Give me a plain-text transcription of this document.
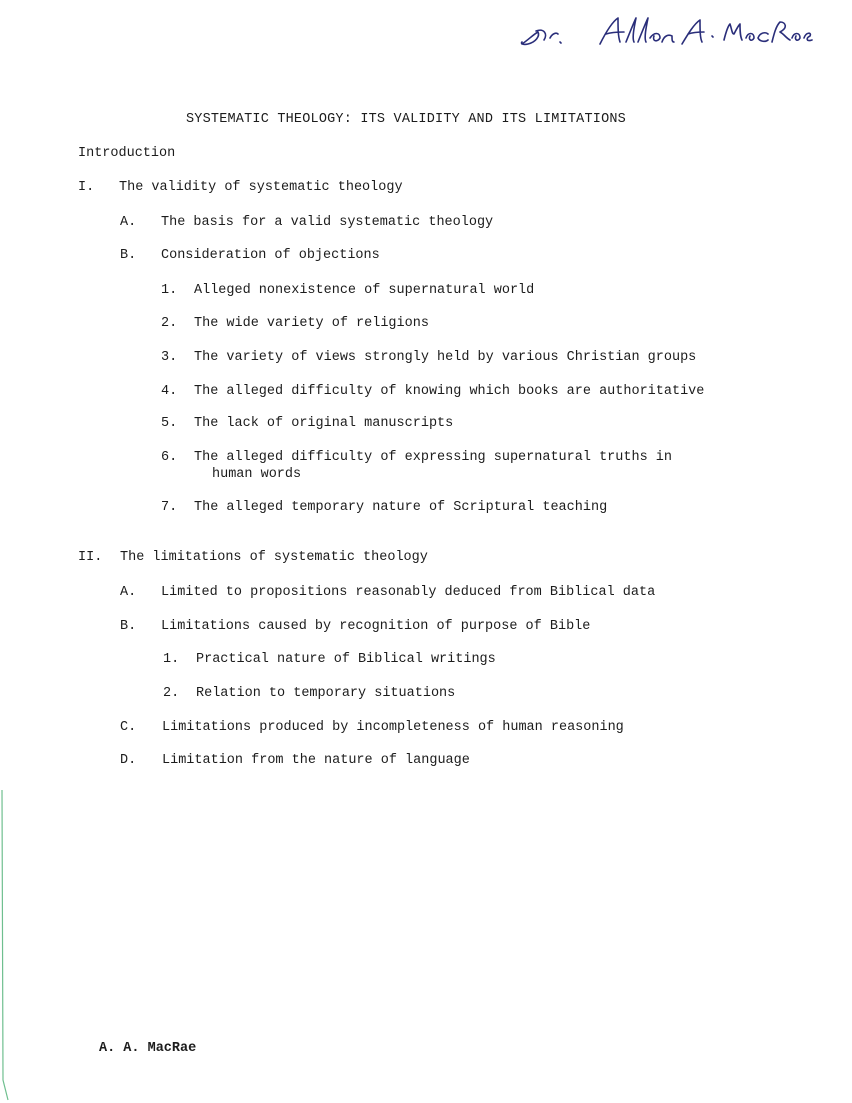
SYSTEMATIC THEOLOGY: ITS VALIDITY AND ITS LIMITATIONS
Introduction
I. The validity of systematic theology
A. The basis for a valid systematic theology
B. Consideration of objections
1. Alleged nonexistence of supernatural world
2. The wide variety of religions
3. The variety of views strongly held by various Christian groups
4. The alleged difficulty of knowing which books are authoritative
5. The lack of original manuscripts
6. The alleged difficulty of expressing supernatural truths in
human words
7. The alleged temporary nature of Scriptural teaching
II. The limitations of systematic theology
A. Limited to propositions reasonably deduced from Biblical data
B. Limitations caused by recognition of purpose of Bible
1. Practical nature of Biblical writings
2. Relation to temporary situations
C. Limitations produced by incompleteness of human reasoning
D. Limitation from the nature of language
A. A. MacRae
